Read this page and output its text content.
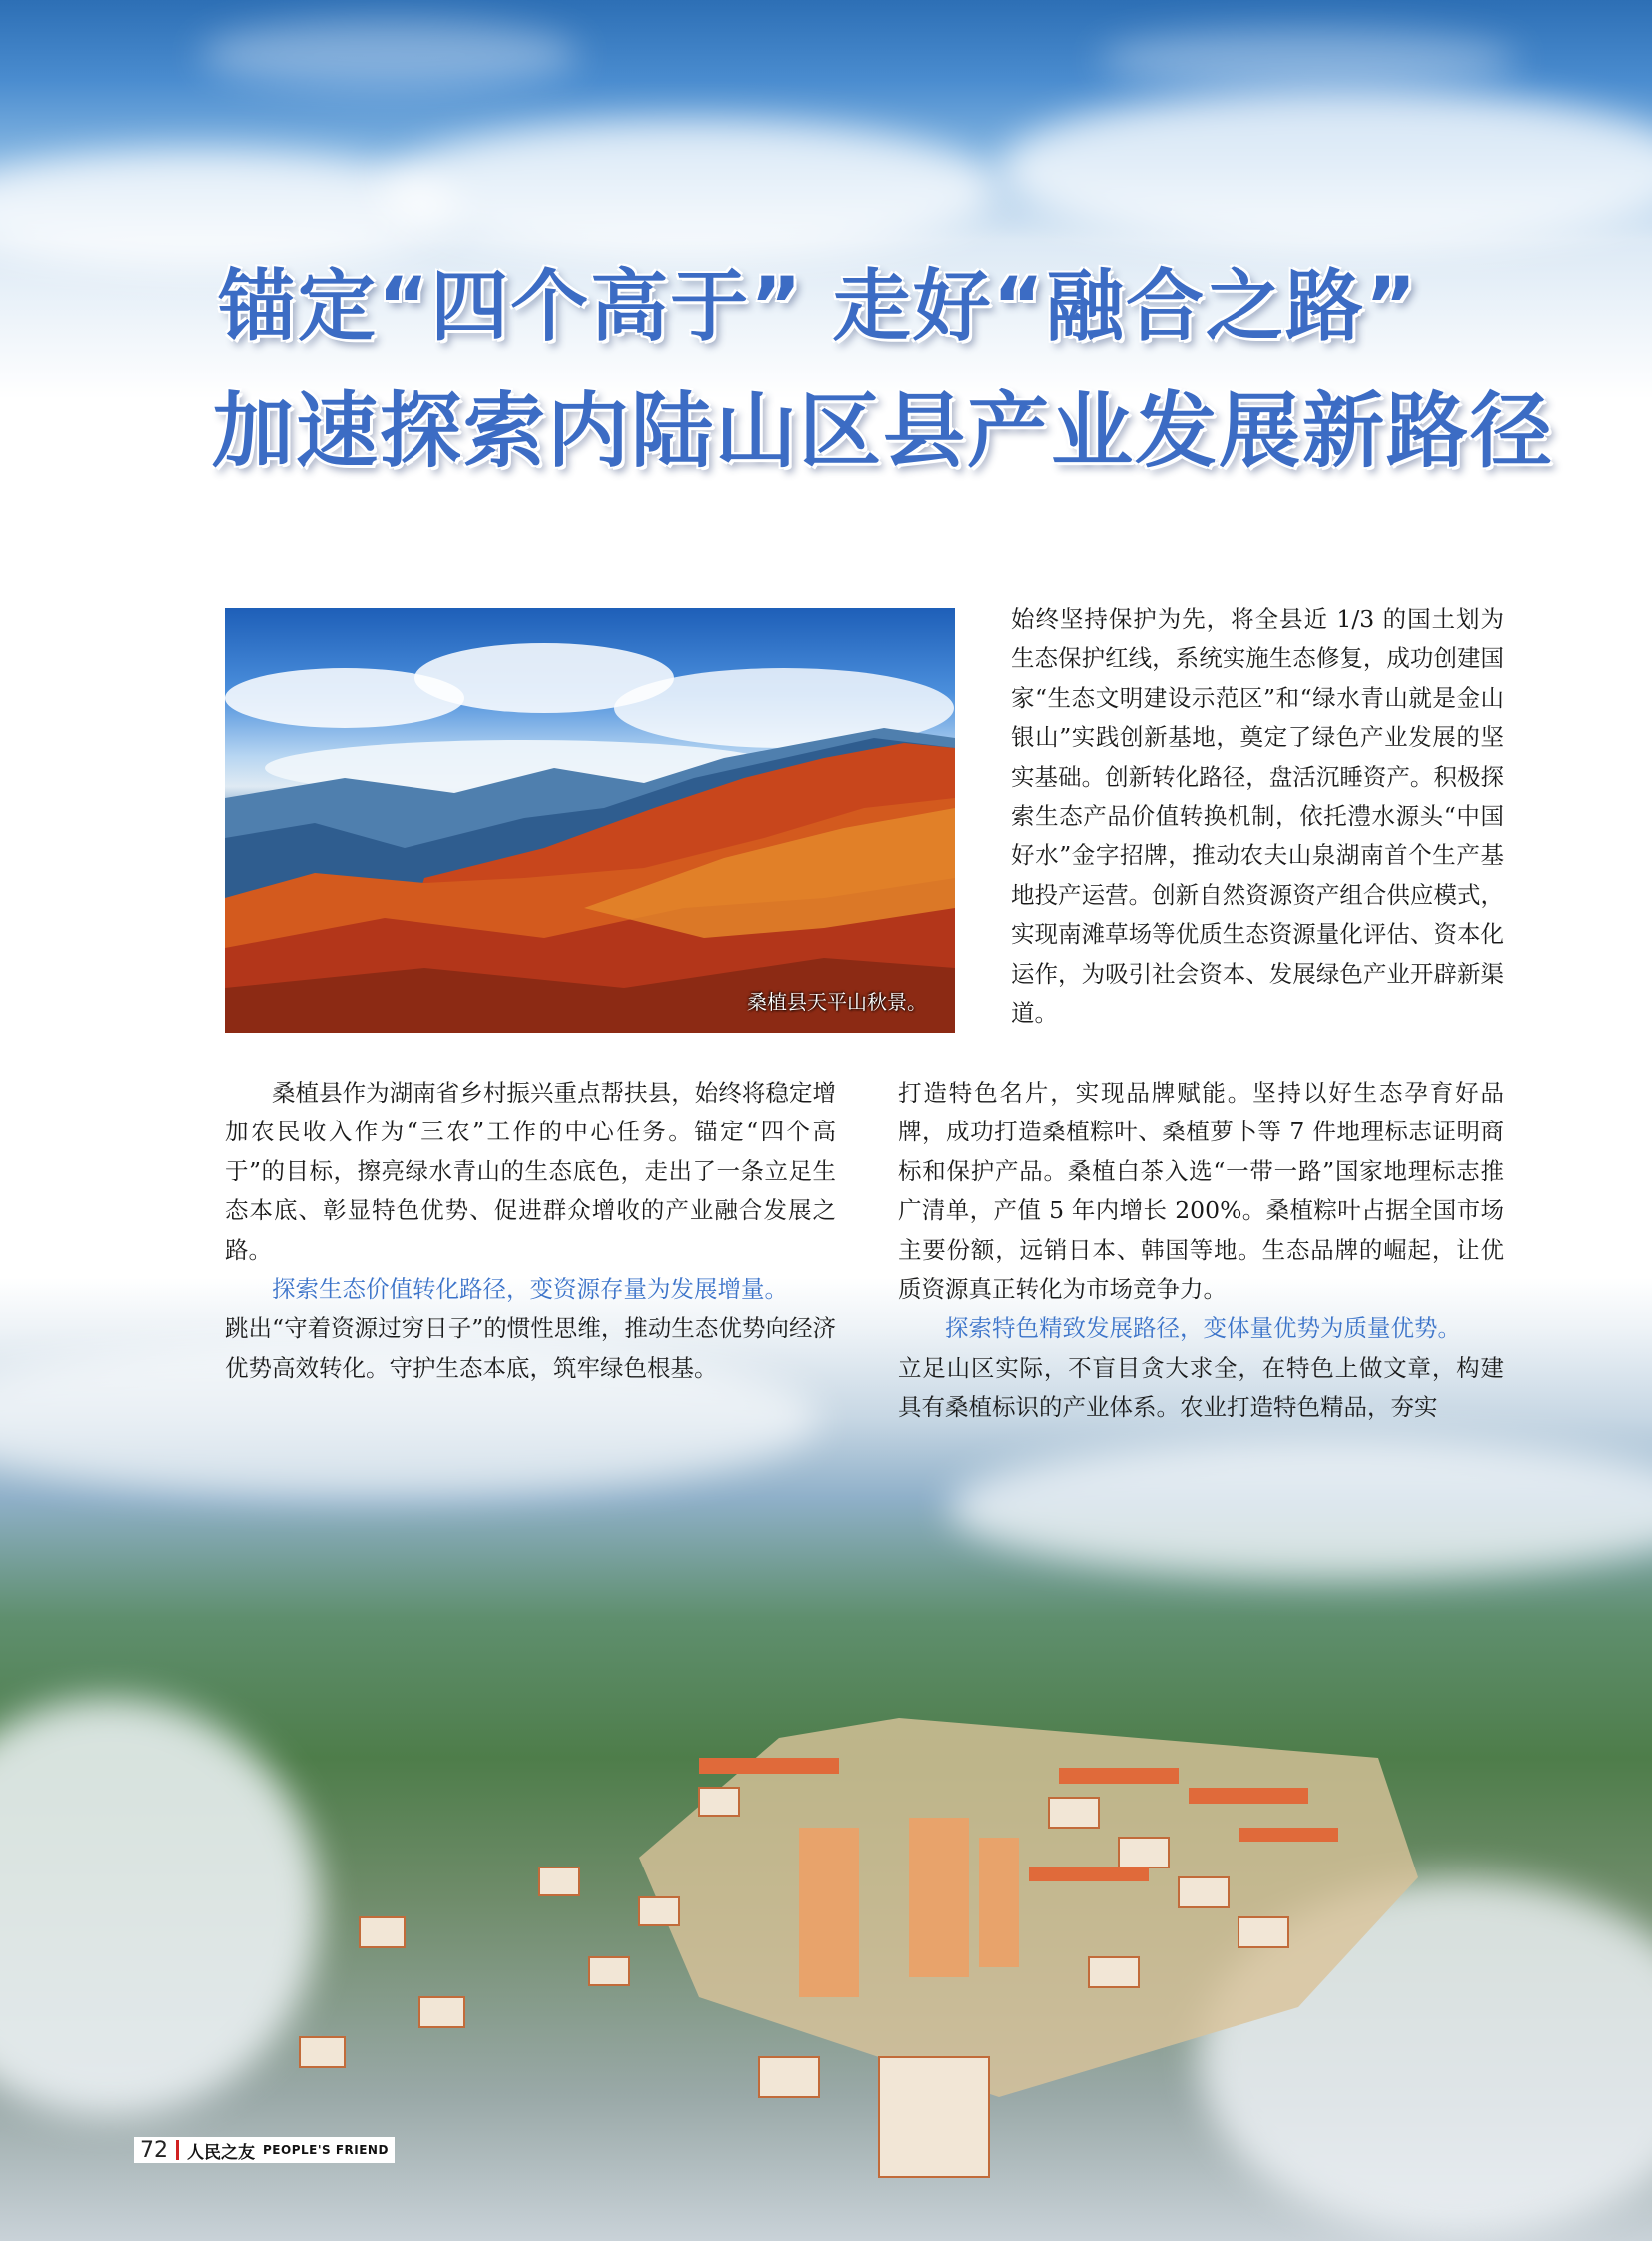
锚定“四个高于” 走好“融合之路”
加速探索内陆山区县产业发展新路径
桑植县天平山秋景。

始终坚持保护为先，将全县近 1/3 的国土划为生态保护红线，系统实施生态修复，成功创建国家“生态文明建设示范区”和“绿水青山就是金山银山”实践创新基地，奠定了绿色产业发展的坚实基础。创新转化路径，盘活沉睡资产。积极探索生态产品价值转换机制，依托澧水源头“中国好水”金字招牌，推动农夫山泉湖南首个生产基地投产运营。创新自然资源资产组合供应模式，实现南滩草场等优质生态资源量化评估、资本化运作，为吸引社会资本、发展绿色产业开辟新渠道。

桑植县作为湖南省乡村振兴重点帮扶县，始终将稳定增加农民收入作为“三农”工作的中心任务。锚定“四个高于”的目标，擦亮绿水青山的生态底色，走出了一条立足生态本底、彰显特色优势、促进群众增收的产业融合发展之路。

探索生态价值转化路径，变资源存量为发展增量。

跳出“守着资源过穷日子”的惯性思维，推动生态优势向经济优势高效转化。守护生态本底，筑牢绿色根基。

打造特色名片，实现品牌赋能。坚持以好生态孕育好品牌，成功打造桑植粽叶、桑植萝卜等 7 件地理标志证明商标和保护产品。桑植白茶入选“一带一路”国家地理标志推广清单，产值 5 年内增长 200%。桑植粽叶占据全国市场主要份额，远销日本、韩国等地。生态品牌的崛起，让优质资源真正转化为市场竞争力。

探索特色精致发展路径，变体量优势为质量优势。

立足山区实际，不盲目贪大求全，在特色上做文章，构建具有桑植标识的产业体系。农业打造特色精品，夯实

72 人民之友 PEOPLE'S FRIEND
